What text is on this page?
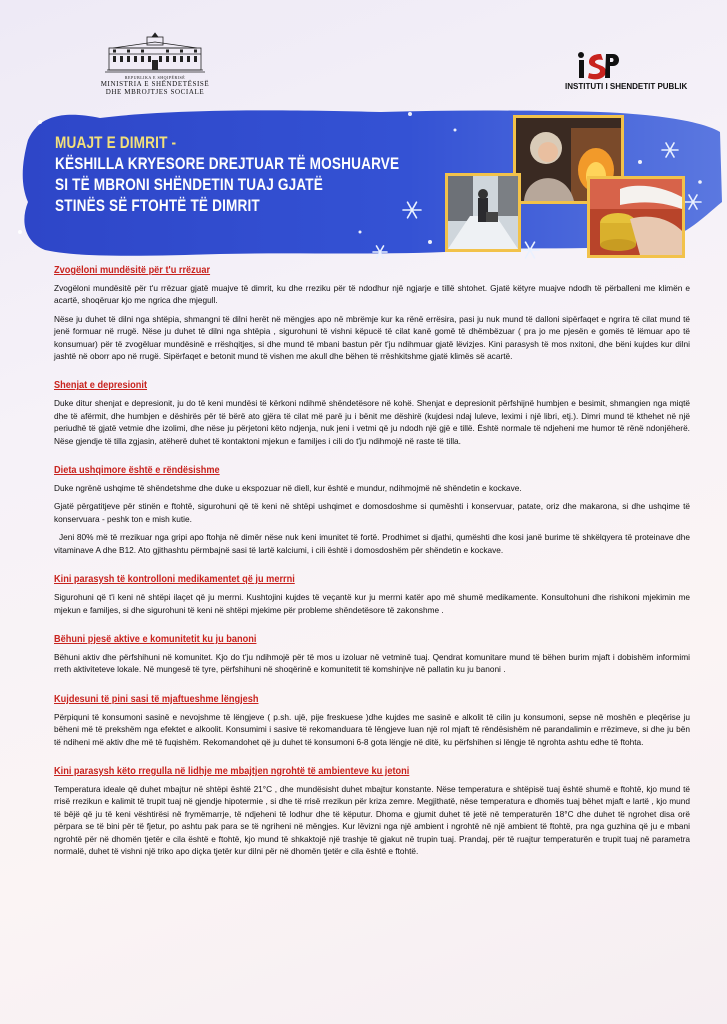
REPUBLIKA E SHQIPËRISË
MINISTRIA E SHËNDETËSISË
DHE MBROJTJES SOCIALE
INSTITUTI I SHENDETIT PUBLIK
MUAJT E DIMRIT -
KËSHILLA KRYESORE DREJTUAR TË MOSHUARVE
SI TË MBRONI SHËNDETIN TUAJ GJATË
STINËS SË FTOHTË TË DIMRIT
Zvogëloni mundësitë për t'u rrëzuar

Zvogëloni mundësitë për t'u rrëzuar gjatë muajve të dimrit, ku dhe rreziku për të ndodhur një ngjarje e tillë shtohet. Gjatë këtyre muajve ndodh të përballeni me klimën e acartë, shoqëruar kjo me ngrica dhe mjegull.

Nëse ju duhet të dilni nga shtëpia, shmangni të dilni herët në mëngjes apo në mbrëmje kur ka rënë errësira, pasi ju nuk mund të dalloni sipërfaqet e ngrira të cilat mund të jenë formuar në rrugë. Nëse ju duhet të dilni nga shtëpia , sigurohuni të vishni këpucë të cilat kanë gomë të dhëmbëzuar ( pra jo me pjesën e gomës të lëmuar apo të konsumuar) për të zvogëluar mundësinë e rrëshqitjes, si dhe mund të mbani bastun për t'ju ndihmuar gjatë lëvizjes. Kini parasysh të mos nxitoni, dhe bëni kujdes kur dilni jashtë në oborr apo në rrugë. Sipërfaqet e betonit mund të vishen me akull dhe bëhen të rrëshkitshme gjatë klimës së acartë.

Shenjat e depresionit

Duke ditur shenjat e depresionit, ju do të keni mundësi të kërkoni ndihmë shëndetësore në kohë. Shenjat e depresionit përfshijnë humbjen e besimit, shmangien nga miqtë dhe të afërmit, dhe humbjen e dëshirës për të bërë ato gjëra të cilat më parë ju i bënit me dëshirë (kujdesi ndaj luleve, leximi i një libri, etj.). Dimri mund të kthehet në një periudhë të gjatë vetmie dhe izolimi, dhe nëse ju përjetoni këto ndjenja, nuk jeni i vetmi që ju ndodh një gjë e tillë. Është normale të ndjeheni me humor të rënë ndonjëherë. Nëse gjendje të tilla zgjasin, atëherë duhet të kontaktoni mjekun e familjes i cili do t'ju ndihmojë në raste të tilla.

Dieta ushqimore është e rëndësishme

Duke ngrënë ushqime të shëndetshme dhe duke u ekspozuar në diell, kur është e mundur, ndihmojmë në shëndetin e kockave.

Gjatë përgatitjeve për stinën e ftohtë, sigurohuni që të keni në shtëpi ushqimet e domosdoshme si qumështi i konservuar, patate, oriz dhe makarona, si dhe ushqime të konservuara - peshk ton e mish kutie.

Jeni 80% më të rrezikuar nga gripi apo ftohja në dimër nëse nuk keni imunitet të fortë. Prodhimet si djathi, qumështi dhe kosi janë burime të shkëlqyera të proteinave dhe vitaminave A dhe B12. Ato gjithashtu përmbajnë sasi të lartë kalciumi, i cili është i domosdoshëm për shëndetin e kockave.

Kini parasysh të kontrolloni medikamentet që ju merrni

Sigurohuni që t'i keni në shtëpi ilaçet që ju merrni. Kushtojini kujdes të veçantë kur ju merrni katër apo më shumë medikamente. Konsultohuni dhe rishikoni mjekimin me mjekun e familjes, si dhe sigurohuni të keni në shtëpi mjekime për probleme shëndetësore të zakonshme .

Bëhuni pjesë aktive e komunitetit ku ju banoni

Bëhuni aktiv dhe përfshihuni në komunitet. Kjo do t'ju ndihmojë për të mos u izoluar në vetminë tuaj. Qendrat komunitare mund të bëhen burim mjaft i dobishëm informimi rreth aktiviteteve lokale. Në mungesë të tyre, përfshihuni në shoqërinë e komunitetit të komshinjve në pallatin ku ju banoni .

Kujdesuni të pini sasi të mjaftueshme lëngjesh

Përpiquni të konsumoni sasinë e nevojshme të lëngjeve ( p.sh. ujë, pije freskuese )dhe kujdes me sasinë e alkolit të cilin ju konsumoni, sepse në moshën e pleqërise ju bëheni më të prekshëm nga efektet e alkoolit. Konsumimi i sasive të rekomanduara të lëngjeve luan një rol mjaft të rëndësishëm në parandalimin e rrëzimeve, si dhe ju bën të ndiheni më aktiv dhe më të fuqishëm. Rekomandohet që ju duhet të konsumoni 6-8 gota lëngje në ditë, ku përfshihen si lëngje të ngrohta ashtu edhe të ftohta.

Kini parasysh këto rregulla në lidhje me mbajtjen ngrohtë të ambienteve ku jetoni

Temperatura ideale që duhet mbajtur në shtëpi është 21°C , dhe mundësisht duhet mbajtur konstante. Nëse temperatura e shtëpisë tuaj është shumë e ftohtë, kjo mund të rrisë rrezikun e kalimit të trupit tuaj në gjendje hipotermie , si dhe të rrisë rrezikun për kriza zemre. Megjithatë, nëse temperatura e dhomës tuaj bëhet mjaft e lartë , kjo mund të bëjë që ju të keni vështirësi në frymëmarrje, të ndjeheni të lodhur dhe të këputur. Dhoma e gjumit duhet të jetë në temperaturën 18°C dhe duhet të ngrohet disa orë përpara se të bini për të fjetur, po ashtu pak para se të ngriheni në mëngjes. Kur lëvizni nga një ambient i ngrohtë në një ambient të ftohtë, pra nga guzhina që ju e mbani ngrohtë për në dhomën tjetër e cila është e ftohtë, kjo mund të shkaktojë një trashje të gjakut në trupin tuaj. Prandaj, për të ruajtur temperaturën e trupit tuaj në parametra normalë, duhet të vishni një triko apo diçka tjetër kur dilni për në dhomën tjetër e cila është e ftohtë.
